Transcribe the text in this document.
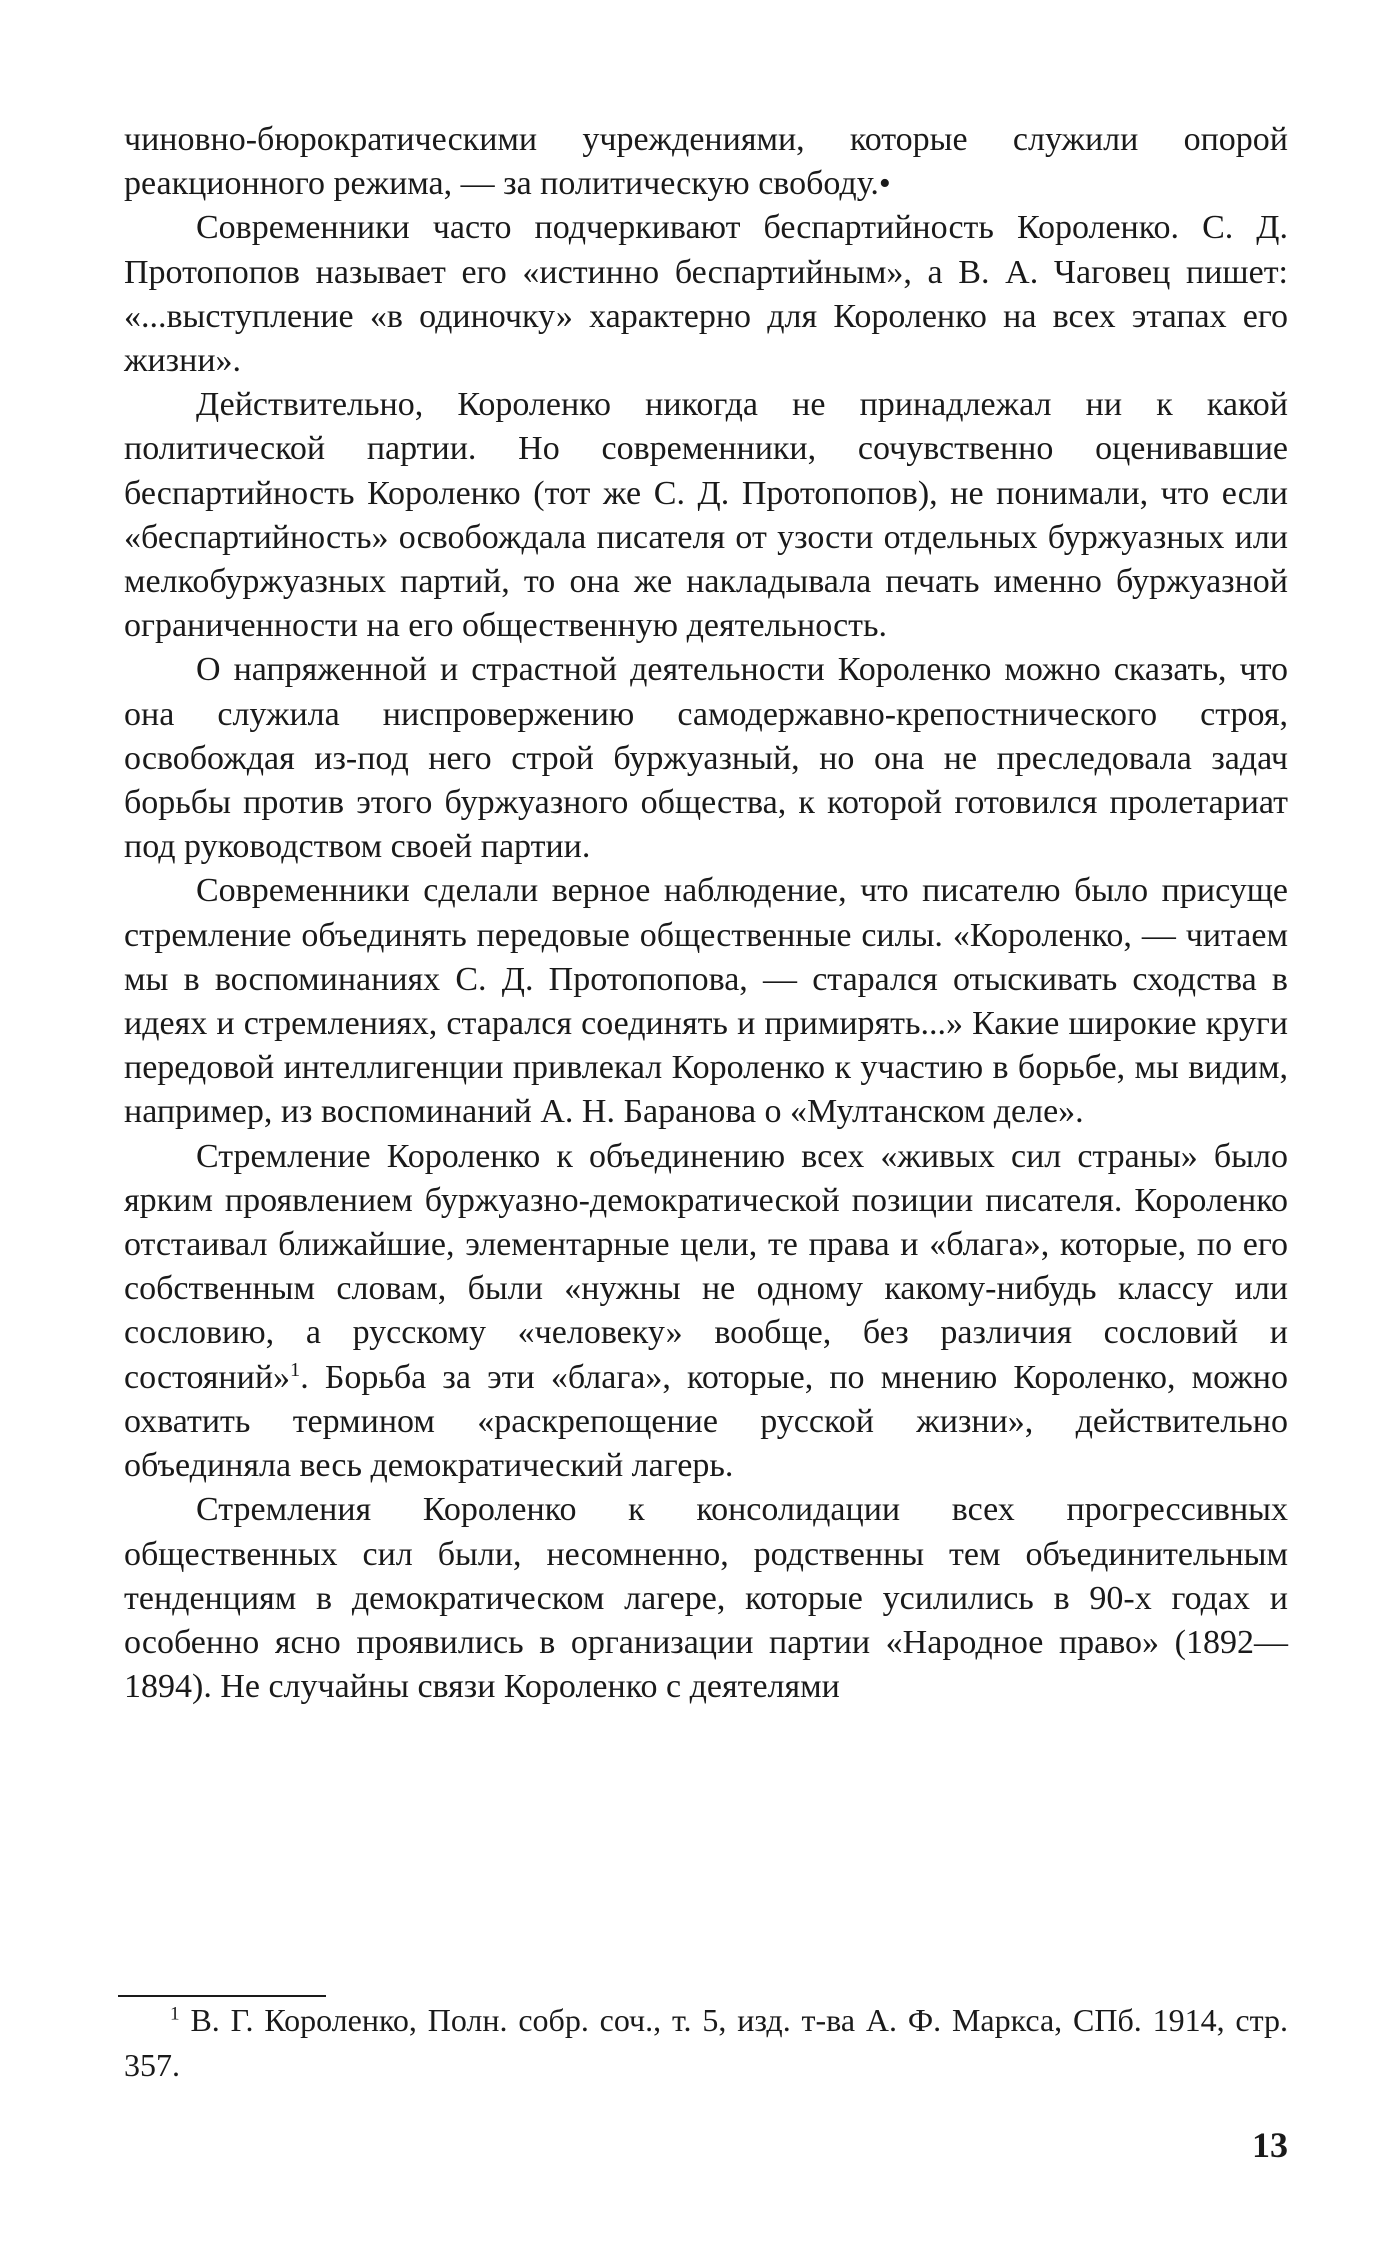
чиновно-бюрократическими учреждениями, которые служили опорой реакционного режима, — за политическую свободу.•

Современники часто подчеркивают беспартийность Короленко. С. Д. Протопопов называет его «истинно беспартийным», а В. А. Чаговец пишет: «...выступление «в одиночку» характерно для Короленко на всех этапах его жизни».

Действительно, Короленко никогда не принадлежал ни к какой политической партии. Но современники, сочувственно оценивавшие беспартийность Короленко (тот же С. Д. Протопопов), не понимали, что если «беспартийность» освобождала писателя от узости отдельных буржуазных или мелкобуржуазных партий, то она же накладывала печать именно буржуазной ограниченности на его общественную деятельность.

О напряженной и страстной деятельности Короленко можно сказать, что она служила ниспровержению самодержавно-крепостнического строя, освобождая из-под него строй буржуазный, но она не преследовала задач борьбы против этого буржуазного общества, к которой готовился пролетариат под руководством своей партии.

Современники сделали верное наблюдение, что писателю было присуще стремление объединять передовые общественные силы. «Короленко, — читаем мы в воспоминаниях С. Д. Протопопова, — старался отыскивать сходства в идеях и стремлениях, старался соединять и примирять...» Какие широкие круги передовой интеллигенции привлекал Короленко к участию в борьбе, мы видим, например, из воспоминаний А. Н. Баранова о «Мултанском деле».

Стремление Короленко к объединению всех «живых сил страны» было ярким проявлением буржуазно-демократической позиции писателя. Короленко отстаивал ближайшие, элементарные цели, те права и «блага», которые, по его собственным словам, были «нужны не одному какому-нибудь классу или сословию, а русскому «человеку» вообще, без различия сословий и состояний»$^1$. Борьба за эти «блага», которые, по мнению Короленко, можно охватить термином «раскрепощение русской жизни», действительно объединяла весь демократический лагерь.

Стремления Короленко к консолидации всех прогрессивных общественных сил были, несомненно, родственны тем объединительным тенденциям в демократическом лагере, которые усилились в 90-х годах и особенно ясно проявились в организации партии «Народное право» (1892—1894). Не случайны связи Короленко с деятелями

$^1$ В. Г. Короленко, Полн. собр. соч., т. 5, изд. т-ва А. Ф. Маркса, СПб. 1914, стр. 357.
13
